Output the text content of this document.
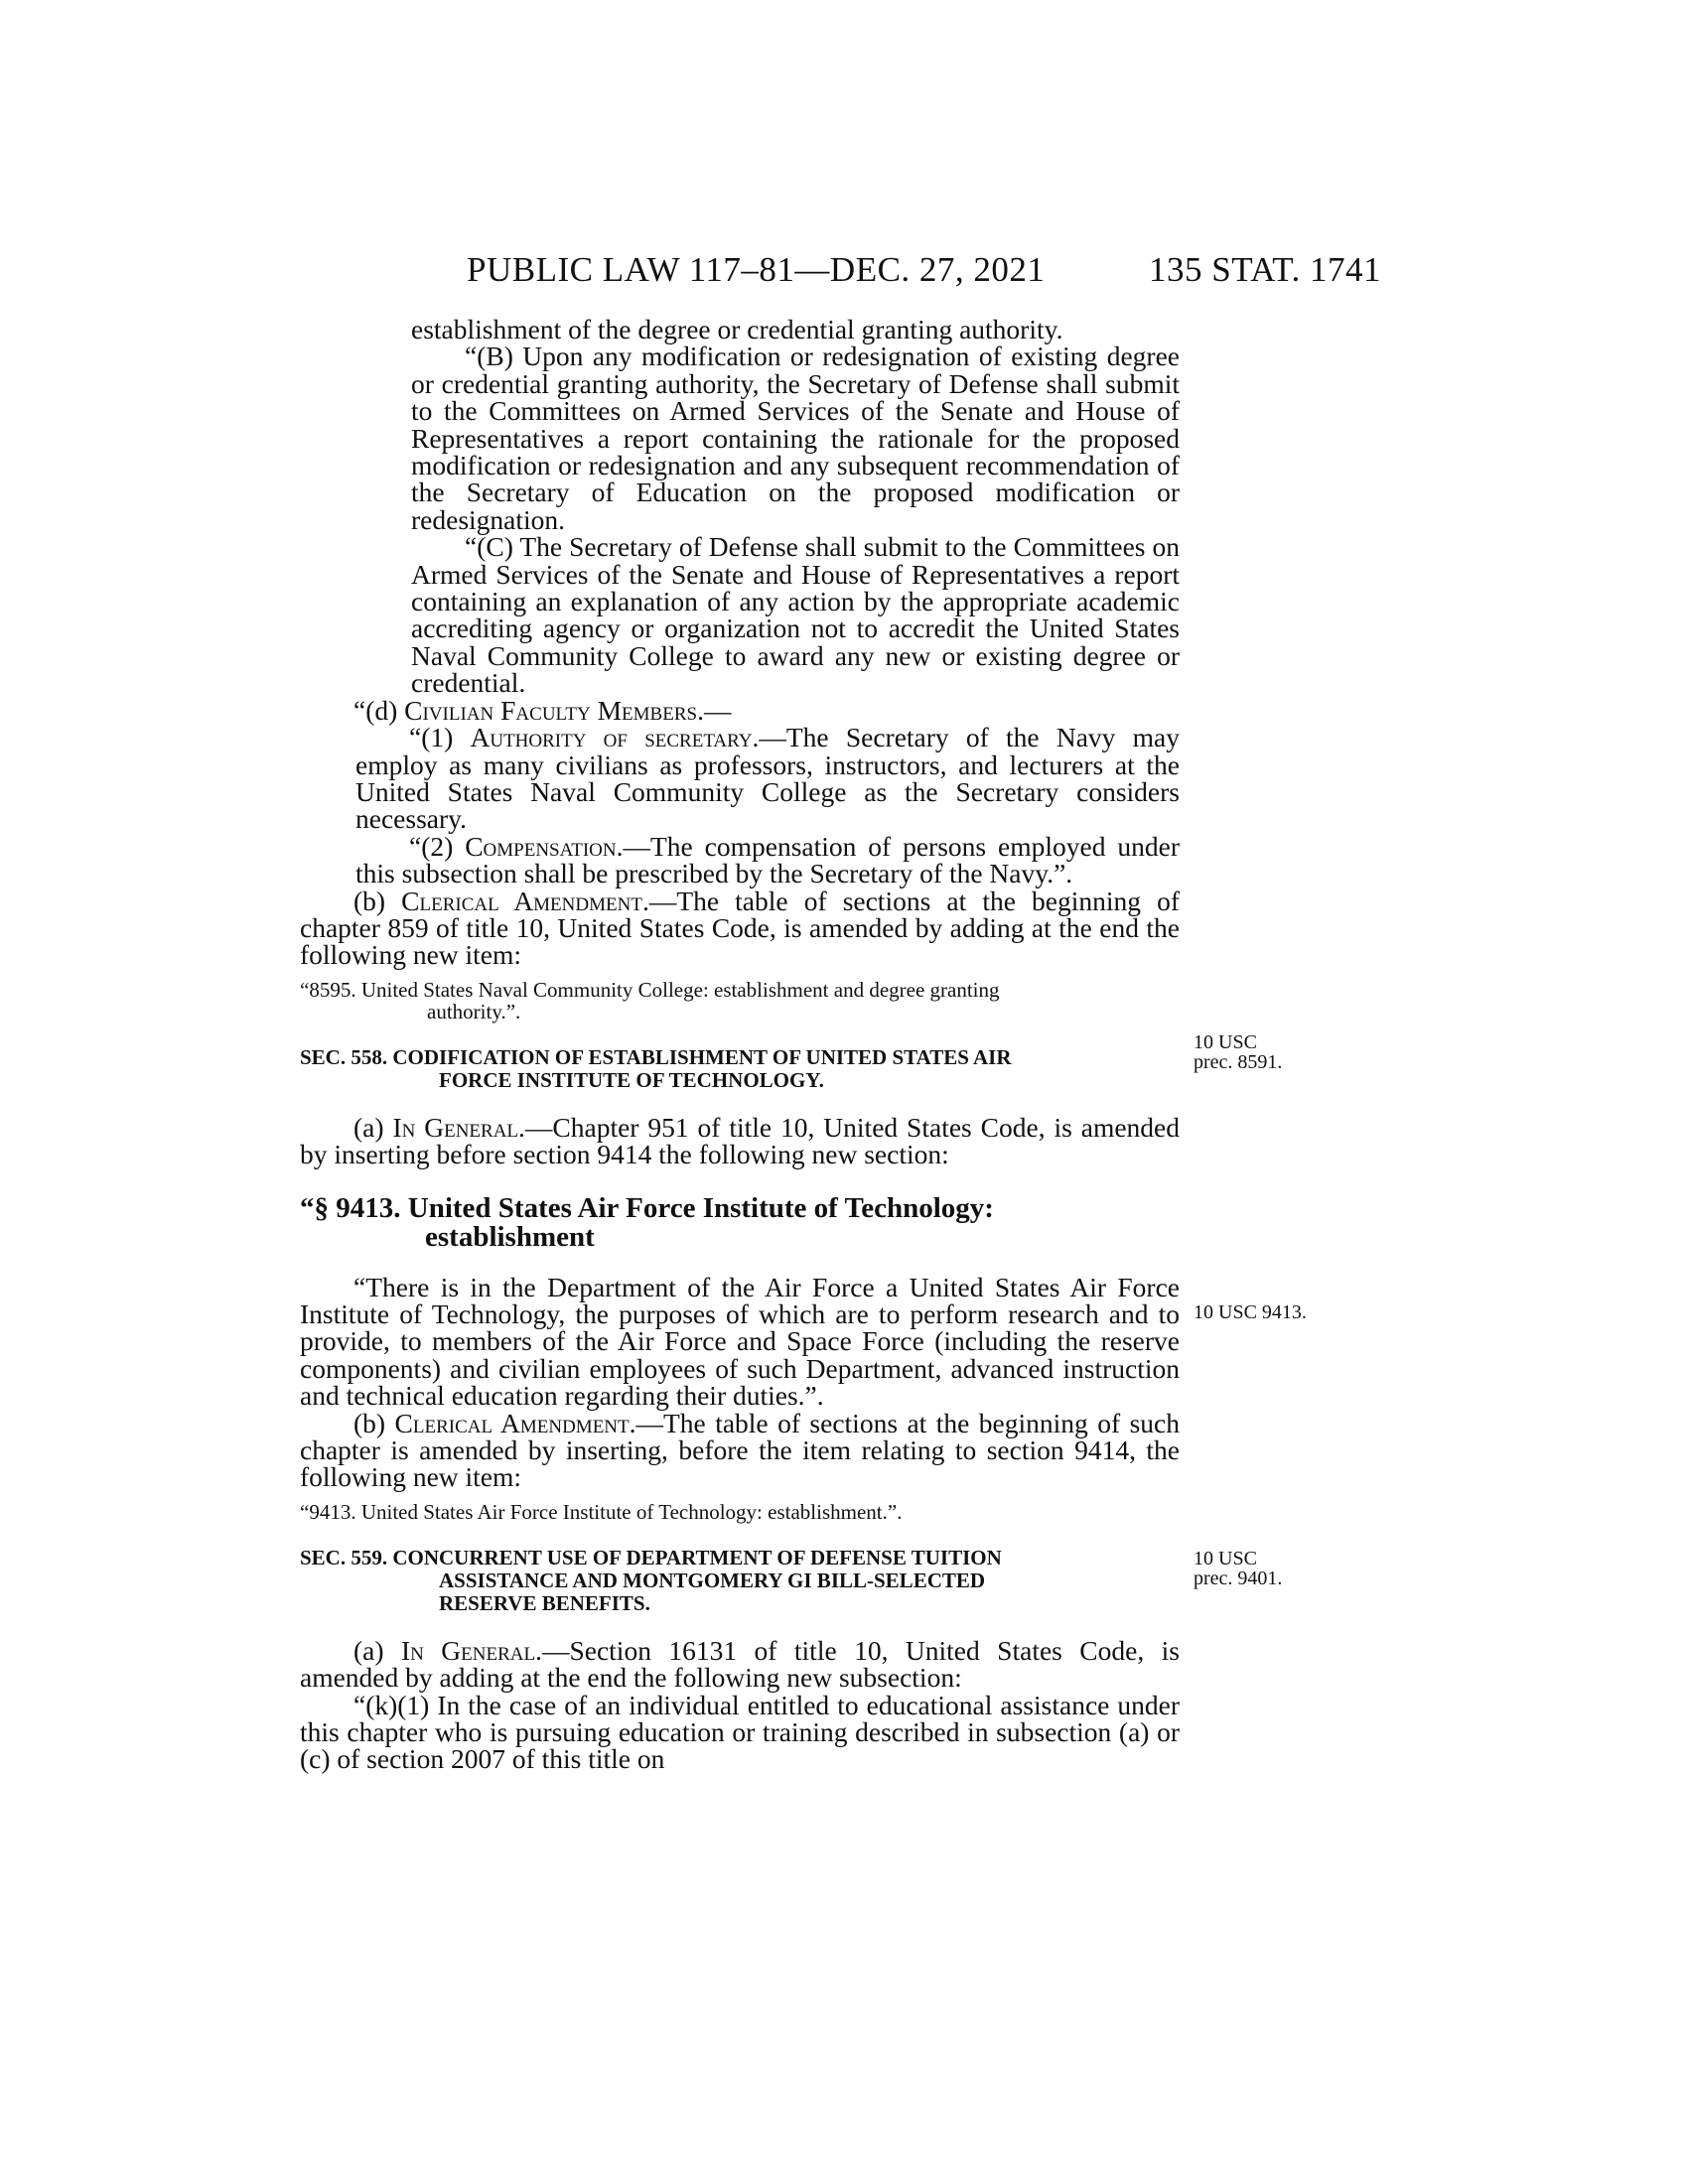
PUBLIC LAW 117–81—DEC. 27, 2021	135 STAT. 1741

establishment of the degree or credential granting authority.

“(B) Upon any modification or redesignation of existing degree or credential granting authority, the Secretary of Defense shall submit to the Committees on Armed Services of the Senate and House of Representatives a report containing the rationale for the proposed modification or redesignation and any subsequent recommendation of the Secretary of Education on the proposed modification or redesignation.

“(C) The Secretary of Defense shall submit to the Committees on Armed Services of the Senate and House of Representatives a report containing an explanation of any action by the appropriate academic accrediting agency or organization not to accredit the United States Naval Community College to award any new or existing degree or credential.

“(d) Civilian Faculty Members.—

“(1) Authority of secretary.—The Secretary of the Navy may employ as many civilians as professors, instructors, and lecturers at the United States Naval Community College as the Secretary considers necessary.

“(2) Compensation.—The compensation of persons employed under this subsection shall be prescribed by the Secretary of the Navy.”.

(b) Clerical Amendment.—The table of sections at the beginning of chapter 859 of title 10, United States Code, is amended by adding at the end the following new item:

“8595. United States Naval Community College: establishment and degree granting
authority.”.

SEC. 558. CODIFICATION OF ESTABLISHMENT OF UNITED STATES AIR
FORCE INSTITUTE OF TECHNOLOGY.

(a) In General.—Chapter 951 of title 10, United States Code, is amended by inserting before section 9414 the following new section:

“§ 9413. United States Air Force Institute of Technology:
establishment

“There is in the Department of the Air Force a United States Air Force Institute of Technology, the purposes of which are to perform research and to provide, to members of the Air Force and Space Force (including the reserve components) and civilian employees of such Department, advanced instruction and technical education regarding their duties.”.

(b) Clerical Amendment.—The table of sections at the beginning of such chapter is amended by inserting, before the item relating to section 9414, the following new item:

“9413. United States Air Force Institute of Technology: establishment.”.

SEC. 559. CONCURRENT USE OF DEPARTMENT OF DEFENSE TUITION
ASSISTANCE AND MONTGOMERY GI BILL-SELECTED
RESERVE BENEFITS.

(a) In General.—Section 16131 of title 10, United States Code, is amended by adding at the end the following new subsection:

“(k)(1) In the case of an individual entitled to educational assistance under this chapter who is pursuing education or training described in subsection (a) or (c) of section 2007 of this title on

10 USC
prec. 8591.
10 USC 9413.
10 USC
prec. 9401.
